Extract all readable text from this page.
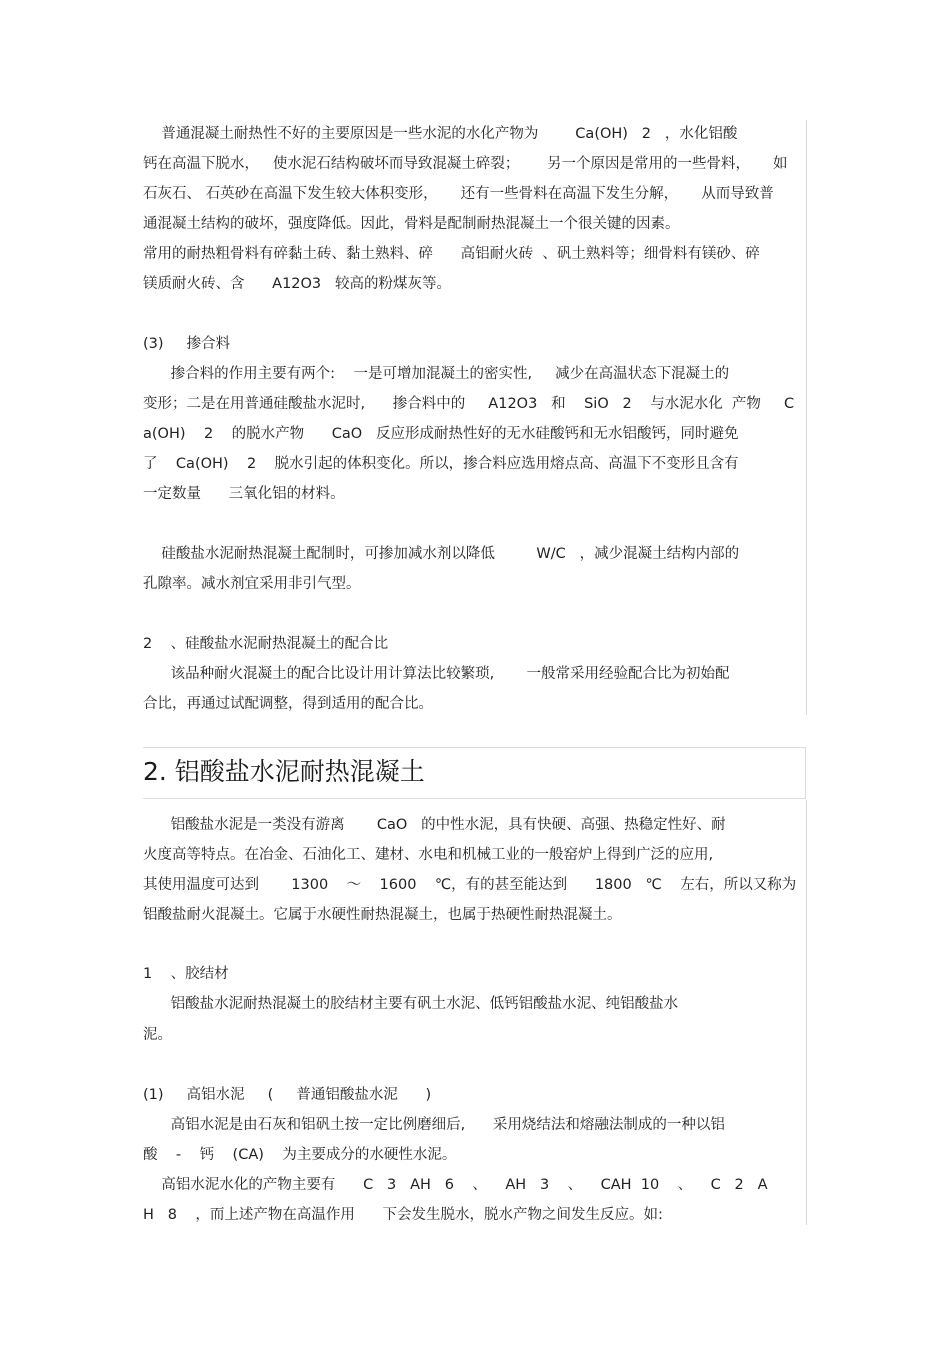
普通混凝土耐热性不好的主要原因是一些水泥的水化产物为        Ca(OH)   2   ，水化铝酸
钙在高温下脱水，   使水泥石结构破坏而导致混凝土碎裂；      另一个原因是常用的一些骨料，     如
石灰石、 石英砂在高温下发生较大体积变形，     还有一些骨料在高温下发生分解，     从而导致普
通混凝土结构的破坏，强度降低。因此，骨料是配制耐热混凝土一个很关键的因素。
常用的耐热粗骨料有碎黏土砖、黏土熟料、碎      高铝耐火砖  、矾土熟料等；细骨料有镁砂、碎
镁质耐火砖、含      A12O3   较高的粉煤灰等。
(3)     掺合料
掺合料的作用主要有两个:    一是可增加混凝土的密实性,     减少在高温状态下混凝土的
变形；二是在用普通硅酸盐水泥时,      掺合料中的     A12O3   和    SiO   2    与水泥水化  产物     C
a(OH)    2    的脱水产物      CaO   反应形成耐热性好的无水硅酸钙和无水铝酸钙，同时避免
了    Ca(OH)    2    脱水引起的体积变化。所以，掺合料应选用熔点高、高温下不变形且含有
一定数量      三氧化铝的材料。
硅酸盐水泥耐热混凝土配制时，可掺加减水剂以降低         W/C   ，减少混凝土结构内部的
孔隙率。减水剂宜采用非引气型。
2    、硅酸盐水泥耐热混凝土的配合比
该品种耐火混凝土的配合比设计用计算法比较繁琐,       一般常采用经验配合比为初始配
合比，再通过试配调整，得到适用的配合比。
2. 铝酸盐水泥耐热混凝土
铝酸盐水泥是一类没有游离       CaO   的中性水泥，具有快硬、高强、热稳定性好、耐
火度高等特点。在冶金、石油化工、建材、水电和机械工业的一般窑炉上得到广泛的应用,
其使用温度可达到       1300    ～    1600    ℃，有的甚至能达到      1800   ℃    左右，所以又称为
铝酸盐耐火混凝土。它属于水硬性耐热混凝土，也属于热硬性耐热混凝土。
1    、胶结材
铝酸盐水泥耐热混凝土的胶结材主要有矾土水泥、低钙铝酸盐水泥、纯铝酸盐水
泥。
(1)     高铝水泥     (     普通铝酸盐水泥      )
高铝水泥是由石灰和铝矾土按一定比例磨细后,      采用烧结法和熔融法制成的一种以铝
酸    -    钙    (CA)    为主要成分的水硬性水泥。
高铝水泥水化的产物主要有      C   3   AH   6    、    AH   3    、    CAH  10    、    C   2   A
H   8    ，而上述产物在高温作用      下会发生脱水，脱水产物之间发生反应。如:
